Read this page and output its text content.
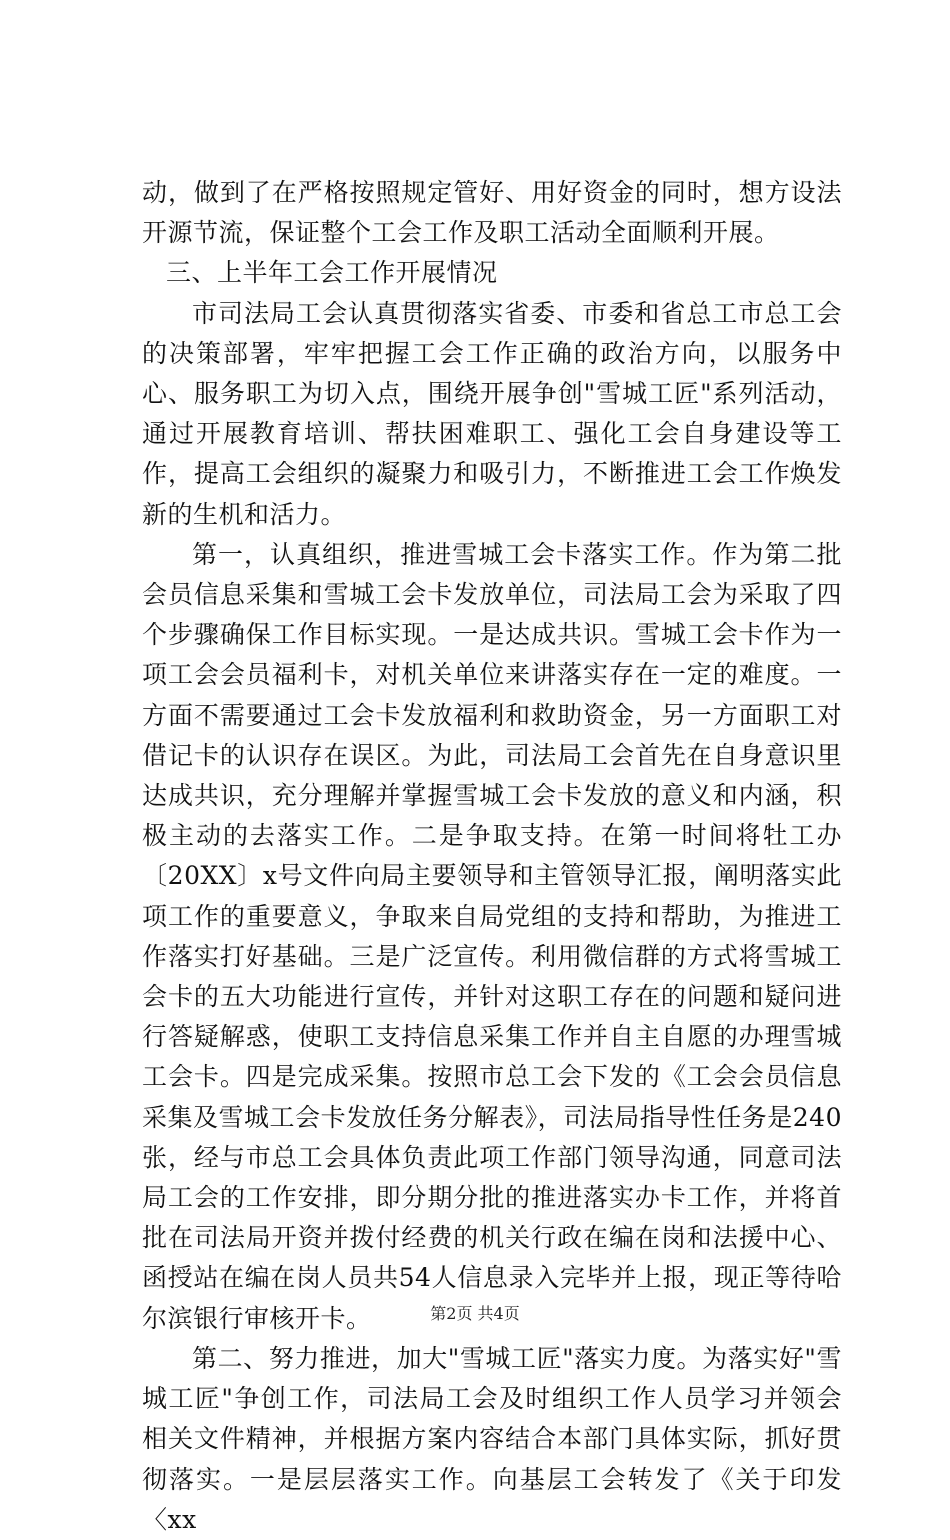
动，做到了在严格按照规定管好、用好资金的同时，想方设法开源节流，保证整个工会工作及职工活动全面顺利开展。

三、上半年工会工作开展情况

市司法局工会认真贯彻落实省委、市委和省总工市总工会的决策部署，牢牢把握工会工作正确的政治方向，以服务中心、服务职工为切入点，围绕开展争创"雪城工匠"系列活动，通过开展教育培训、帮扶困难职工、强化工会自身建设等工作，提高工会组织的凝聚力和吸引力，不断推进工会工作焕发新的生机和活力。

第一，认真组织，推进雪城工会卡落实工作。作为第二批会员信息采集和雪城工会卡发放单位，司法局工会为采取了四个步骤确保工作目标实现。一是达成共识。雪城工会卡作为一项工会会员福利卡，对机关单位来讲落实存在一定的难度。一方面不需要通过工会卡发放福利和救助资金，另一方面职工对借记卡的认识存在误区。为此，司法局工会首先在自身意识里达成共识，充分理解并掌握雪城工会卡发放的意义和内涵，积极主动的去落实工作。二是争取支持。在第一时间将牡工办〔20XX〕x号文件向局主要领导和主管领导汇报，阐明落实此项工作的重要意义，争取来自局党组的支持和帮助，为推进工作落实打好基础。三是广泛宣传。利用微信群的方式将雪城工会卡的五大功能进行宣传，并针对这职工存在的问题和疑问进行答疑解惑，使职工支持信息采集工作并自主自愿的办理雪城工会卡。四是完成采集。按照市总工会下发的《工会会员信息采集及雪城工会卡发放任务分解表》，司法局指导性任务是240张，经与市总工会具体负责此项工作部门领导沟通，同意司法局工会的工作安排，即分期分批的推进落实办卡工作，并将首批在司法局开资并拨付经费的机关行政在编在岗和法援中心、函授站在编在岗人员共54人信息录入完毕并上报，现正等待哈尔滨银行审核开卡。

第二、努力推进，加大"雪城工匠"落实力度。为落实好"雪城工匠"争创工作，司法局工会及时组织工作人员学习并领会相关文件精神，并根据方案内容结合本部门具体实际，抓好贯彻落实。一是层层落实工作。向基层工会转发了《关于印发〈xx

第2页 共4页
